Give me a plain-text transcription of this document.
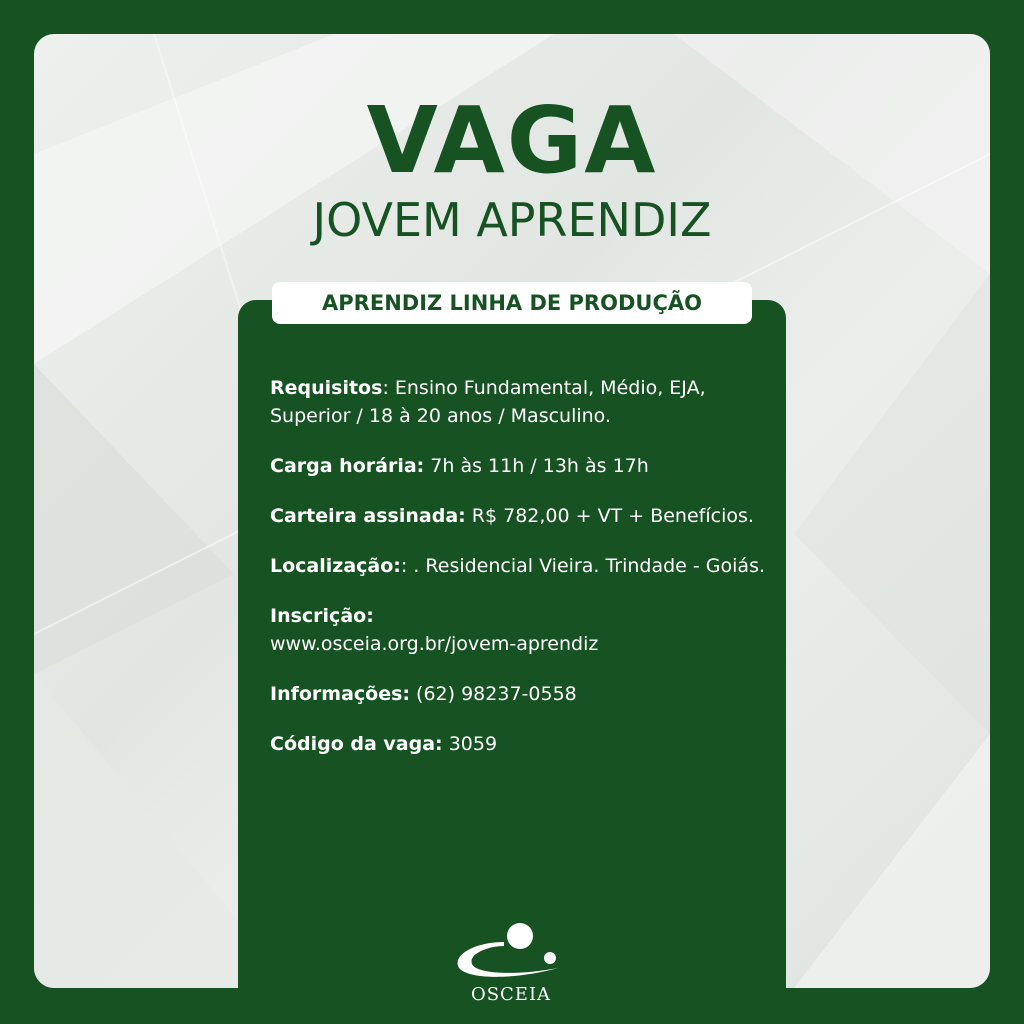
VAGA
JOVEM APRENDIZ
APRENDIZ LINHA DE PRODUÇÃO

Requisitos: Ensino Fundamental, Médio, EJA, Superior / 18 à 20 anos / Masculino.

Carga horária: 7h às 11h / 13h às 17h

Carteira assinada: R$ 782,00 + VT + Benefícios.

Localização:: . Residencial Vieira. Trindade - Goiás.

Inscrição:
www.osceia.org.br/jovem-aprendiz

Informações: (62) 98237-0558

Código da vaga: 3059

OSCEIA
